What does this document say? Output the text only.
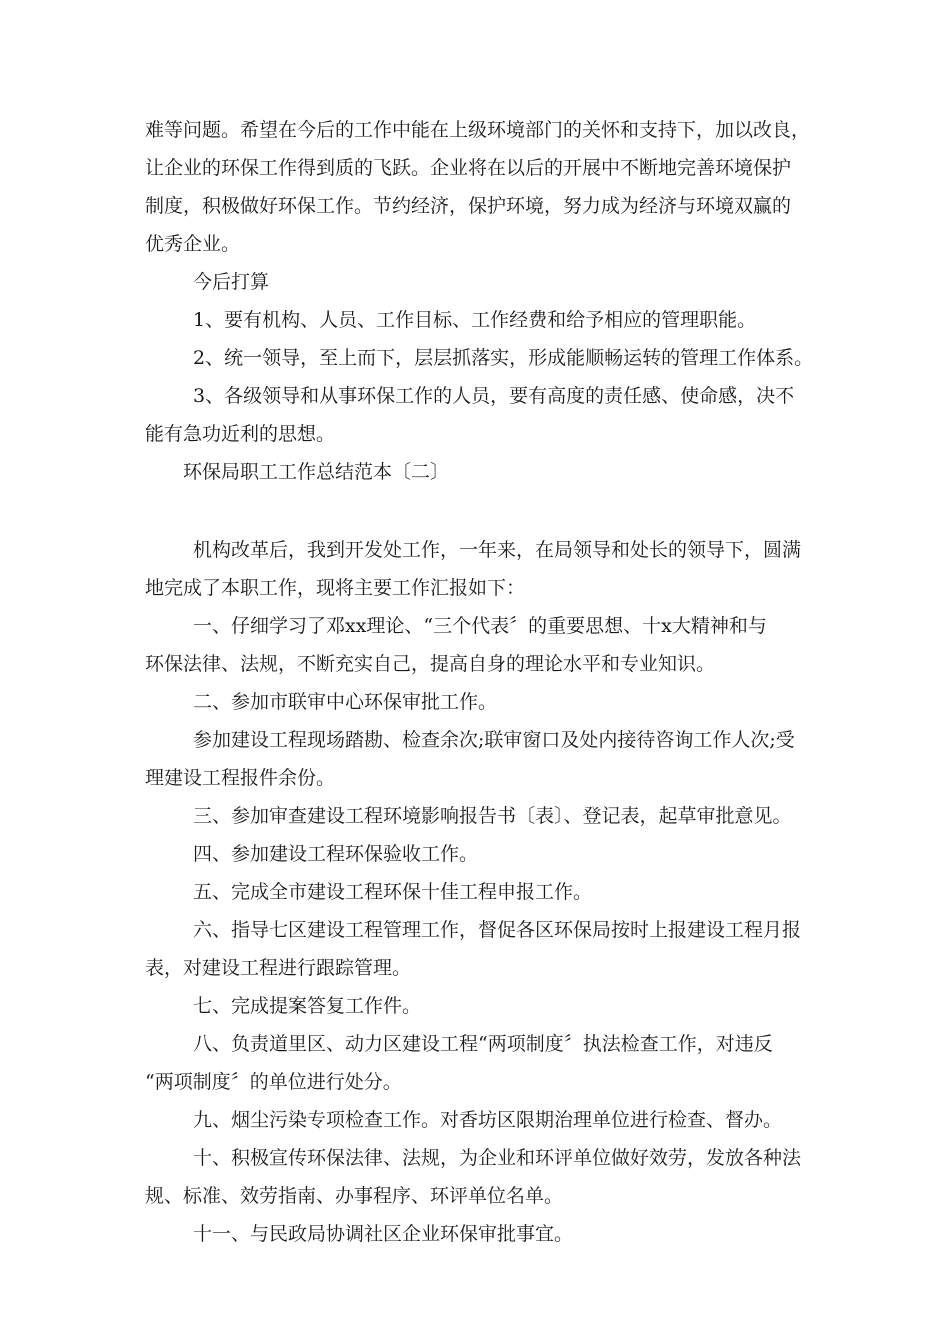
难等问题。希望在今后的工作中能在上级环境部门的关怀和支持下，加以改良，
让企业的环保工作得到质的飞跃。企业将在以后的开展中不断地完善环境保护
制度，积极做好环保工作。节约经济，保护环境，努力成为经济与环境双赢的
优秀企业。
今后打算
1、要有机构、人员、工作目标、工作经费和给予相应的管理职能。
2、统一领导，至上而下，层层抓落实，形成能顺畅运转的管理工作体系。
3、各级领导和从事环保工作的人员，要有高度的责任感、使命感，决不
能有急功近利的思想。
环保局职工工作总结范本〔二〕
机构改革后，我到开发处工作，一年来，在局领导和处长的领导下，圆满
地完成了本职工作，现将主要工作汇报如下：
一、仔细学习了邓xx理论、“三个代表〞的重要思想、十x大精神和与
环保法律、法规，不断充实自己，提高自身的理论水平和专业知识。
二、参加市联审中心环保审批工作。
参加建设工程现场踏勘、检查余次;联审窗口及处内接待咨询工作人次;受
理建设工程报件余份。
三、参加审查建设工程环境影响报告书〔表〕、登记表，起草审批意见。
四、参加建设工程环保验收工作。
五、完成全市建设工程环保十佳工程申报工作。
六、指导七区建设工程管理工作，督促各区环保局按时上报建设工程月报
表，对建设工程进行跟踪管理。
七、完成提案答复工作件。
八、负责道里区、动力区建设工程“两项制度〞执法检查工作，对违反
“两项制度〞的单位进行处分。
九、烟尘污染专项检查工作。对香坊区限期治理单位进行检查、督办。
十、积极宣传环保法律、法规，为企业和环评单位做好效劳，发放各种法
规、标准、效劳指南、办事程序、环评单位名单。
十一、与民政局协调社区企业环保审批事宜。
